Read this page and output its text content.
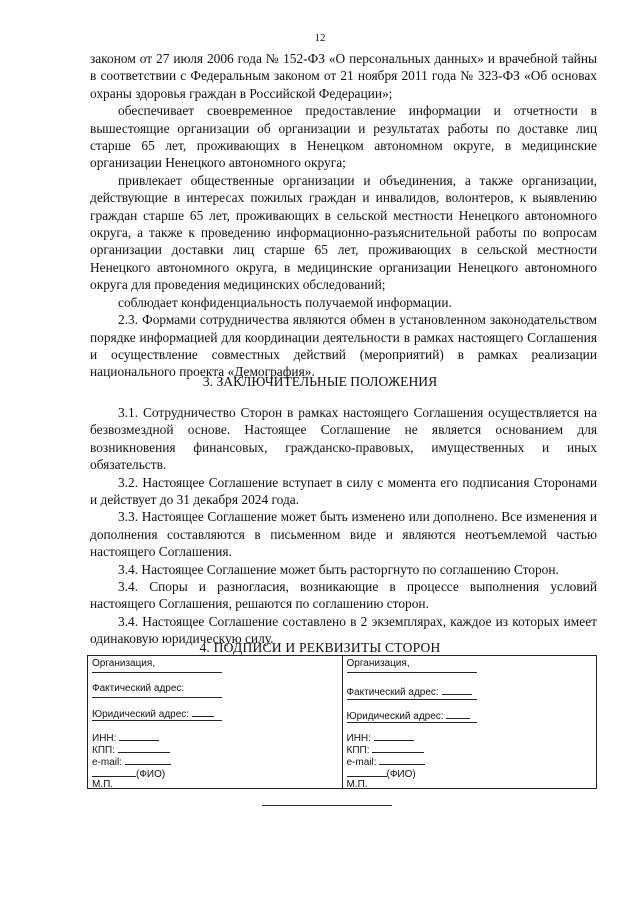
12

законом от 27 июля 2006 года № 152-ФЗ «О персональных данных» и врачебной тайны в соответствии с Федеральным законом от 21 ноября 2011 года № 323-ФЗ «Об основах охраны здоровья граждан в Российской Федерации»;

обеспечивает своевременное предоставление информации и отчетности в вышестоящие организации об организации и результатах работы по доставке лиц старше 65 лет, проживающих в Ненецком автономном округе, в медицинские организации Ненецкого автономного округа;

привлекает общественные организации и объединения, а также организации, действующие в интересах пожилых граждан и инвалидов, волонтеров, к выявлению граждан старше 65 лет, проживающих в сельской местности Ненецкого автономного округа, а также к проведению информационно-разъяснительной работы по вопросам организации доставки лиц старше 65 лет, проживающих в сельской местности Ненецкого автономного округа, в медицинские организации Ненецкого автономного округа для проведения медицинских обследований;

соблюдает конфиденциальность получаемой информации.

2.3. Формами сотрудничества являются обмен в установленном законодательством порядке информацией для координации деятельности в рамках настоящего Соглашения и осуществление совместных действий (мероприятий) в рамках реализации национального проекта «Демография».

3. ЗАКЛЮЧИТЕЛЬНЫЕ ПОЛОЖЕНИЯ

3.1. Сотрудничество Сторон в рамках настоящего Соглашения осуществляется на безвозмездной основе. Настоящее Соглашение не является основанием для возникновения финансовых, гражданско-правовых, имущественных и иных обязательств.

3.2. Настоящее Соглашение вступает в силу с момента его подписания Сторонами и действует до 31 декабря 2024 года.

3.3. Настоящее Соглашение может быть изменено или дополнено. Все изменения и дополнения составляются в письменном виде и являются неотъемлемой частью настоящего Соглашения.

3.4. Настоящее Соглашение может быть расторгнуто по соглашению Сторон.

3.4. Споры и разногласия, возникающие в процессе выполнения условий настоящего Соглашения, решаются по соглашению сторон.

3.4. Настоящее Соглашение составлено в 2 экземплярах, каждое из которых имеет одинаковую юридическую силу.

4. ПОДПИСИ И РЕКВИЗИТЫ СТОРОН
Организация,
Фактический адрес:
Юридический адрес:
ИНН:
КПП:
e-mail:
(ФИО)
М.П.

Организация,
Фактический адрес:
Юридический адрес:
ИНН:
КПП:
e-mail:
(ФИО)
М.П.
